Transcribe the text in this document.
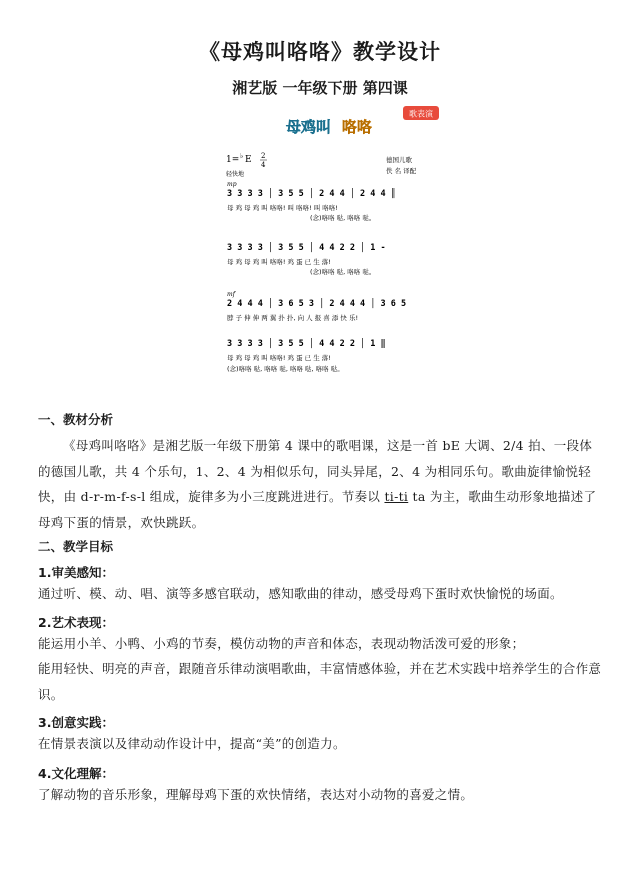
《母鸡叫咯咯》教学设计
湘艺版 一年级下册 第四课
母鸡叫 咯咯
歌表演
1= ♭ E 2
4
轻快地
德国儿歌
佚 名 译配
mp
mf
3 3 3 3 │ 3 5 5 │ 2 4 4 │ 2 4 4 ║
母 鸡 母 鸡 叫 咯咯! 叫 咯咯! 叫 咯咯!
(念)咯咯 哒, 咯咯 哒。
3 3 3 3 │ 3 5 5 │ 4 4 2 2 │ 1 -
母 鸡 母 鸡 叫 咯咯! 鸡 蛋 已 生 落!
(念)咯咯 哒, 咯咯 哒。
2 4 4 4 │ 3 6 5 3 │ 2 4 4 4 │ 3 6 5
脖 子 伸 伸 两 翼 扑 扑, 向 人 报 喜 添 快 乐!
3 3 3 3 │ 3 5 5 │ 4 4 2 2 │ 1 ‖
母 鸡 母 鸡 叫 咯咯! 鸡 蛋 已 生 落!
(念)咯咯 哒, 咯咯 哒, 咯咯 哒, 咯咯 哒。
一、教材分析
《母鸡叫咯咯》是湘艺版一年级下册第 4 课中的歌唱课，这是一首 bE 大调、2/4 拍、一段体的德国儿歌，共 4 个乐句，1、2、4 为相似乐句，同头异尾，2、4 为相同乐句。歌曲旋律愉悦轻快，由 d-r-m-f-s-l 组成，旋律多为小三度跳进进行。节奏以 ti-ti ta 为主，歌曲生动形象地描述了母鸡下蛋的情景，欢快跳跃。
二、教学目标
1.审美感知：
通过听、模、动、唱、演等多感官联动，感知歌曲的律动，感受母鸡下蛋时欢快愉悦的场面。
2.艺术表现：
能运用小羊、小鸭、小鸡的节奏，模仿动物的声音和体态，表现动物活泼可爱的形象；
能用轻快、明亮的声音，跟随音乐律动演唱歌曲，丰富情感体验，并在艺术实践中培养学生的合作意识。
3.创意实践：
在情景表演以及律动动作设计中，提高“美”的创造力。
4.文化理解：
了解动物的音乐形象，理解母鸡下蛋的欢快情绪，表达对小动物的喜爱之情。
